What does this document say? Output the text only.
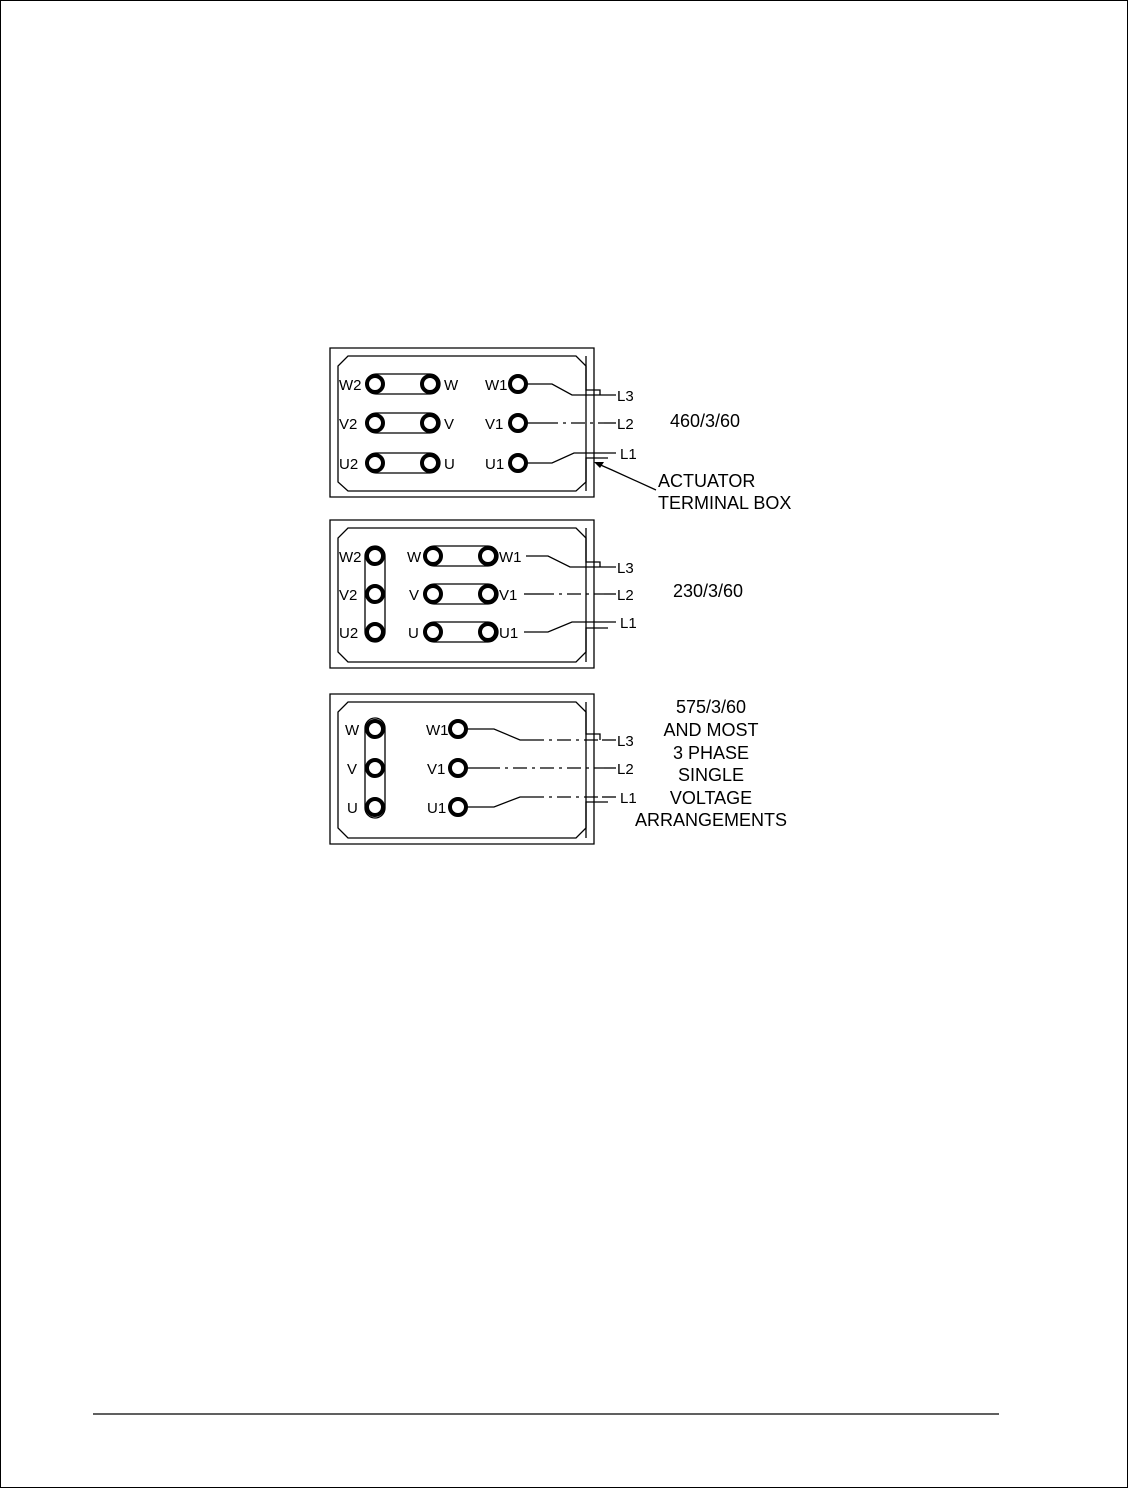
W2
V2
U2
W
V
U
W1
V1
U1
L3
L2
L1
460/3/60
ACTUATOR
TERMINAL BOX
W2
V2
U2
W
V
U
W1
V1
U1
L3
L2
L1
230/3/60
W
V
U
W1
V1
U1
L3
L2
L1
575/3/60
AND MOST
3 PHASE
SINGLE
VOLTAGE
ARRANGEMENTS
